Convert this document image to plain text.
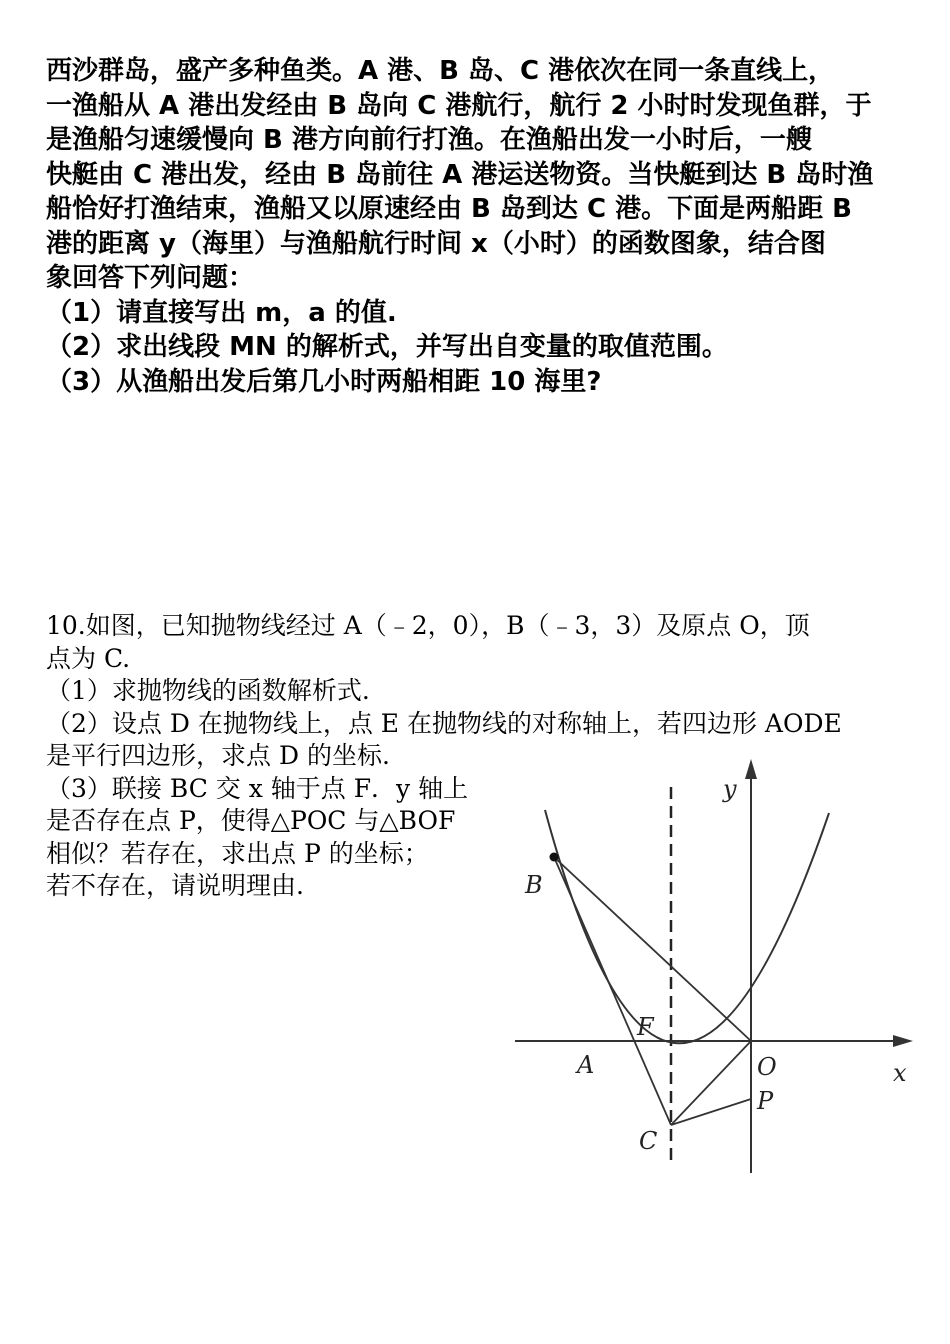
西沙群岛，盛产多种鱼类。A 港、B 岛、C 港依次在同一条直线上，
一渔船从 A 港出发经由 B 岛向 C 港航行，航行 2 小时时发现鱼群，于
是渔船匀速缓慢向 B 港方向前行打渔。在渔船出发一小时后，一艘
快艇由 C 港出发，经由 B 岛前往 A 港运送物资。当快艇到达 B 岛时渔
船恰好打渔结束，渔船又以原速经由 B 岛到达 C 港。下面是两船距 B
港的距离 y（海里）与渔船航行时间 x（小时）的函数图象，结合图
象回答下列问题：
（1）请直接写出 m，a 的值.
（2）求出线段 MN 的解析式，并写出自变量的取值范围。
（3）从渔船出发后第几小时两船相距 10 海里?
10.如图，已知抛物线经过 A（﹣2，0），B（﹣3，3）及原点 O，顶
点为 C.
（1）求抛物线的函数解析式.
（2）设点 D 在抛物线上，点 E 在抛物线的对称轴上，若四边形 AODE
是平行四边形，求点 D 的坐标.
（3）联接 BC 交 x 轴于点 F．y 轴上
是否存在点 P，使得△POC 与△BOF
相似？若存在，求出点 P 的坐标；
若不存在，请说明理由.
y
x
O
B
A
F
C
P
